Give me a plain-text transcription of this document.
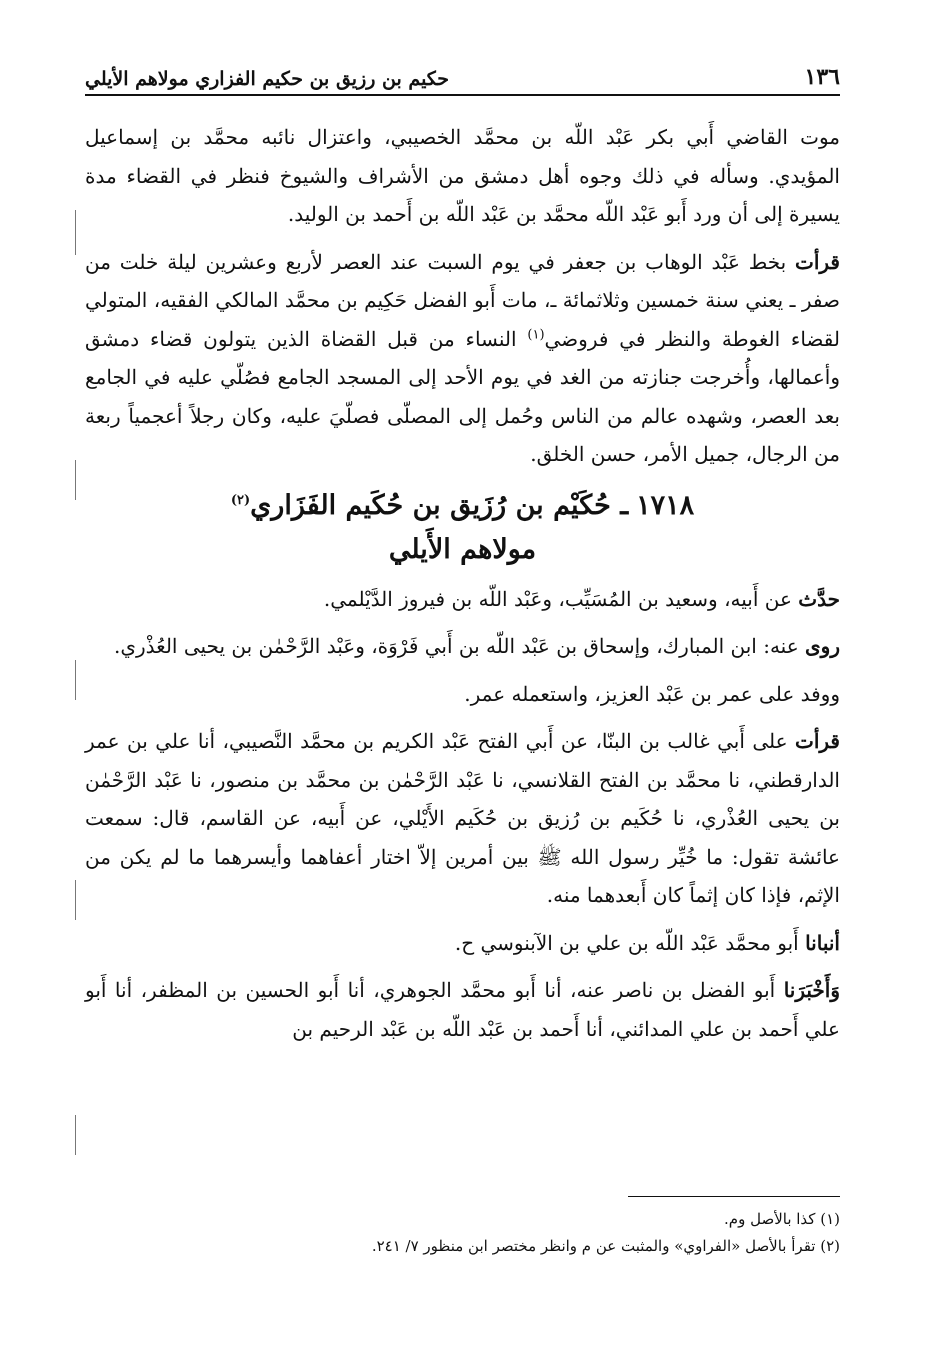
١٣٦
حكيم بن رزيق بن حكيم الفزاري مولاهم الأيلي

موت القاضي أَبي بكر عَبْد اللّه بن محمَّد الخصيبي، واعتزال نائبه محمَّد بن إسماعيل المؤيدي. وسأله في ذلك وجوه أهل دمشق من الأشراف والشيوخ فنظر في القضاء مدة يسيرة إلى أن ورد أَبو عَبْد اللّه محمَّد بن عَبْد اللّه بن أَحمد بن الوليد.

قرأت بخط عَبْد الوهاب بن جعفر في يوم السبت عند العصر لأربع وعشرين ليلة خلت من صفر ـ يعني سنة خمسين وثلاثمائة ـ، مات أَبو الفضل حَكِيم بن محمَّد المالكي الفقيه، المتولي لقضاء الغوطة والنظر في فروضي$^{(١)}$ النساء من قبل القضاة الذين يتولون قضاء دمشق وأعمالها، وأُخرجت جنازته من الغد في يوم الأحد إلى المسجد الجامع فصُلّي عليه في الجامع بعد العصر، وشهده عالم من الناس وحُمل إلى المصلّى فصلّيَ عليه، وكان رجلاً أعجمياً ربعة من الرجال، جميل الأمر، حسن الخلق.

١٧١٨ـ حُكَيْم بن رُزَيق بن حُكَيم الفَزَاري$^{(٢)}$
مولاهم الأَيلي

حدَّث عن أَبيه، وسعيد بن المُسَيِّب، وعَبْد اللّه بن فيروز الدَّيْلمي.

روى عنه: ابن المبارك، وإسحاق بن عَبْد اللّه بن أَبي فَرْوَة، وعَبْد الرَّحْمٰن بن يحيى العُذْري.

ووفد على عمر بن عَبْد العزيز، واستعمله عمر.

قرأت على أَبي غالب بن البنّا، عن أَبي الفتح عَبْد الكريم بن محمَّد النَّصيبي، أنا علي بن عمر الدارقطني، نا محمَّد بن الفتح القلانسي، نا عَبْد الرَّحْمٰن بن محمَّد بن منصور، نا عَبْد الرَّحْمٰن بن يحيى العُذْري، نا حُكَيم بن رُزيق بن حُكَيم الأَيْلي، عن أَبيه، عن القاسم، قال: سمعت عائشة تقول: ما خُيِّر رسول الله ﷺ بين أمرين إلاّ اختار أعفاهما وأيسرهما ما لم يكن من الإثم، فإذا كان إثماً كان أَبعدهما منه.

أنبانا أَبو محمَّد عَبْد اللّه بن علي بن الآبنوسي ح.

وَأَخْبَرَنا أَبو الفضل بن ناصر عنه، أنا أَبو محمَّد الجوهري، أنا أَبو الحسين بن المظفر، أنا أَبو علي أَحمد بن علي المدائني، أنا أَحمد بن عَبْد اللّه بن عَبْد الرحيم بن

(١) كذا بالأصل وم.
(٢) تقرأ بالأصل «الفراوي» والمثبت عن م وانظر مختصر ابن منظور ٧/ ٢٤١.
